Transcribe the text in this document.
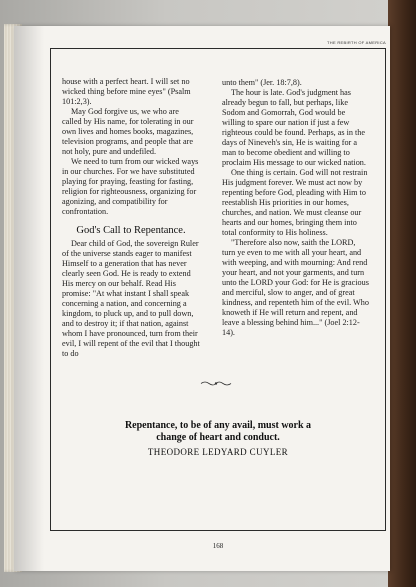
THE REBIRTH OF AMERICA

house with a perfect heart. I will set no wicked thing before mine eyes" (Psalm 101:2,3).

May God forgive us, we who are called by His name, for tolerating in our own lives and homes books, magazines, television programs, and people that are not holy, pure and undefiled.

We need to turn from our wicked ways in our churches. For we have substituted playing for praying, feasting for fasting, religion for righteousness, organizing for agonizing, and compatibility for confrontation.

God's Call to Repentance.

Dear child of God, the sovereign Ruler of the universe stands eager to manifest Himself to a generation that has never clearly seen God. He is ready to extend His mercy on our behalf. Read His promise: "At what instant I shall speak concerning a nation, and concerning a kingdom, to pluck up, and to pull down, and to destroy it; if that nation, against whom I have pronounced, turn from their evil, I will repent of the evil that I thought to do

unto them" (Jer. 18:7,8).

The hour is late. God's judgment has already begun to fall, but perhaps, like Sodom and Gomorrah, God would be willing to spare our nation if just a few righteous could be found. Perhaps, as in the days of Nineveh's sin, He is waiting for a man to become obedient and willing to proclaim His message to our wicked nation.

One thing is certain. God will not restrain His judgment forever. We must act now by repenting before God, pleading with Him to reestablish His priorities in our homes, churches, and nation. We must cleanse our hearts and our homes, bringing them into total conformity to His holiness.

"Therefore also now, saith the LORD, turn ye even to me with all your heart, and with weeping, and with mourning: And rend your heart, and not your garments, and turn unto the LORD your God: for He is gracious and merciful, slow to anger, and of great kindness, and repenteth him of the evil. Who knoweth if He will return and repent, and leave a blessing behind him..." (Joel 2:12-14).

Repentance, to be of any avail, must work a change of heart and conduct.

THEODORE LEDYARD CUYLER

168
